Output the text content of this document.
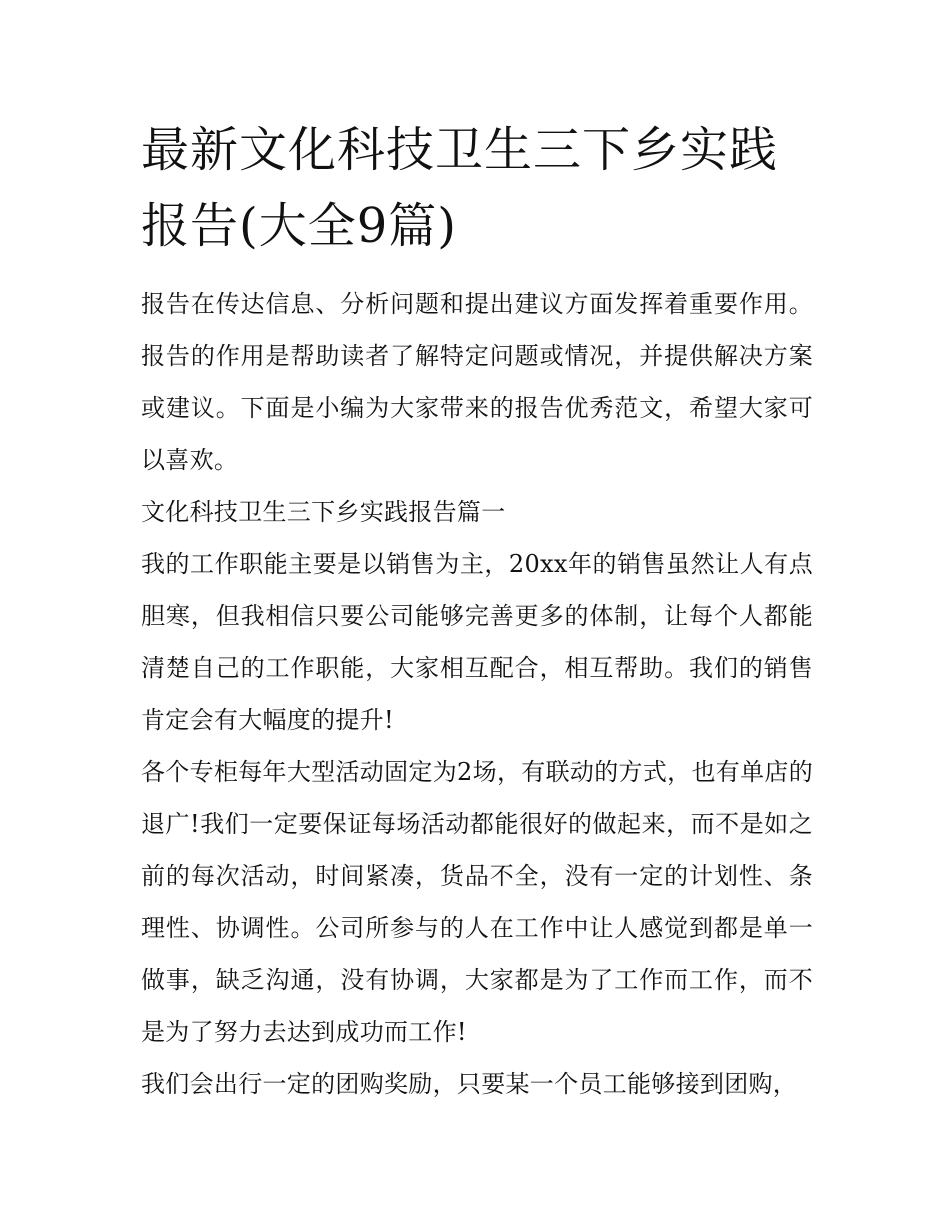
最新文化科技卫生三下乡实践报告(大全9篇)

报告在传达信息、分析问题和提出建议方面发挥着重要作用。报告的作用是帮助读者了解特定问题或情况，并提供解决方案或建议。下面是小编为大家带来的报告优秀范文，希望大家可以喜欢。

文化科技卫生三下乡实践报告篇一

我的工作职能主要是以销售为主，20xx年的销售虽然让人有点胆寒，但我相信只要公司能够完善更多的体制，让每个人都能清楚自己的工作职能，大家相互配合，相互帮助。我们的销售肯定会有大幅度的提升!

各个专柜每年大型活动固定为2场，有联动的方式，也有单店的退广!我们一定要保证每场活动都能很好的做起来，而不是如之前的每次活动，时间紧凑，货品不全，没有一定的计划性、条理性、协调性。公司所参与的人在工作中让人感觉到都是单一做事，缺乏沟通，没有协调，大家都是为了工作而工作，而不是为了努力去达到成功而工作!

我们会出行一定的团购奖励，只要某一个员工能够接到团购，
